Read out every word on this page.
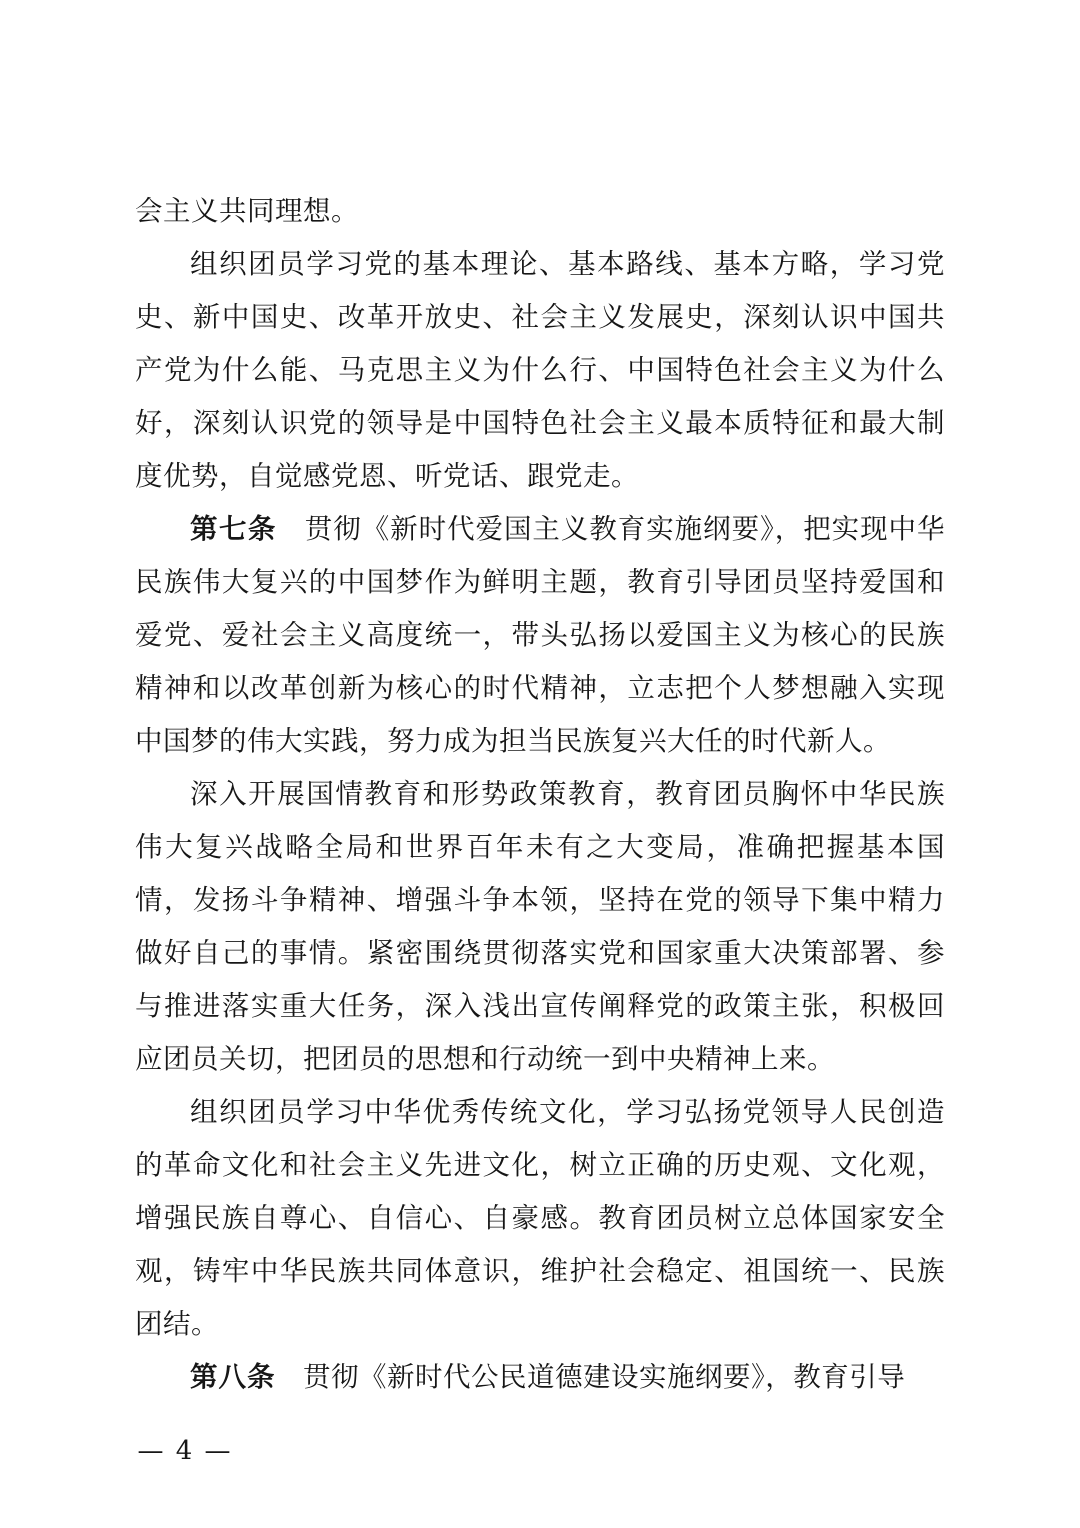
会主义共同理想。

组织团员学习党的基本理论、基本路线、基本方略，学习党史、新中国史、改革开放史、社会主义发展史，深刻认识中国共产党为什么能、马克思主义为什么行、中国特色社会主义为什么好，深刻认识党的领导是中国特色社会主义最本质特征和最大制度优势，自觉感党恩、听党话、跟党走。

第七条 贯彻《新时代爱国主义教育实施纲要》，把实现中华民族伟大复兴的中国梦作为鲜明主题，教育引导团员坚持爱国和爱党、爱社会主义高度统一，带头弘扬以爱国主义为核心的民族精神和以改革创新为核心的时代精神，立志把个人梦想融入实现中国梦的伟大实践，努力成为担当民族复兴大任的时代新人。

深入开展国情教育和形势政策教育，教育团员胸怀中华民族伟大复兴战略全局和世界百年未有之大变局，准确把握基本国情，发扬斗争精神、增强斗争本领，坚持在党的领导下集中精力做好自己的事情。紧密围绕贯彻落实党和国家重大决策部署、参与推进落实重大任务，深入浅出宣传阐释党的政策主张，积极回应团员关切，把团员的思想和行动统一到中央精神上来。

组织团员学习中华优秀传统文化，学习弘扬党领导人民创造的革命文化和社会主义先进文化，树立正确的历史观、文化观，增强民族自尊心、自信心、自豪感。教育团员树立总体国家安全观，铸牢中华民族共同体意识，维护社会稳定、祖国统一、民族团结。

第八条 贯彻《新时代公民道德建设实施纲要》，教育引导

— 4 —
